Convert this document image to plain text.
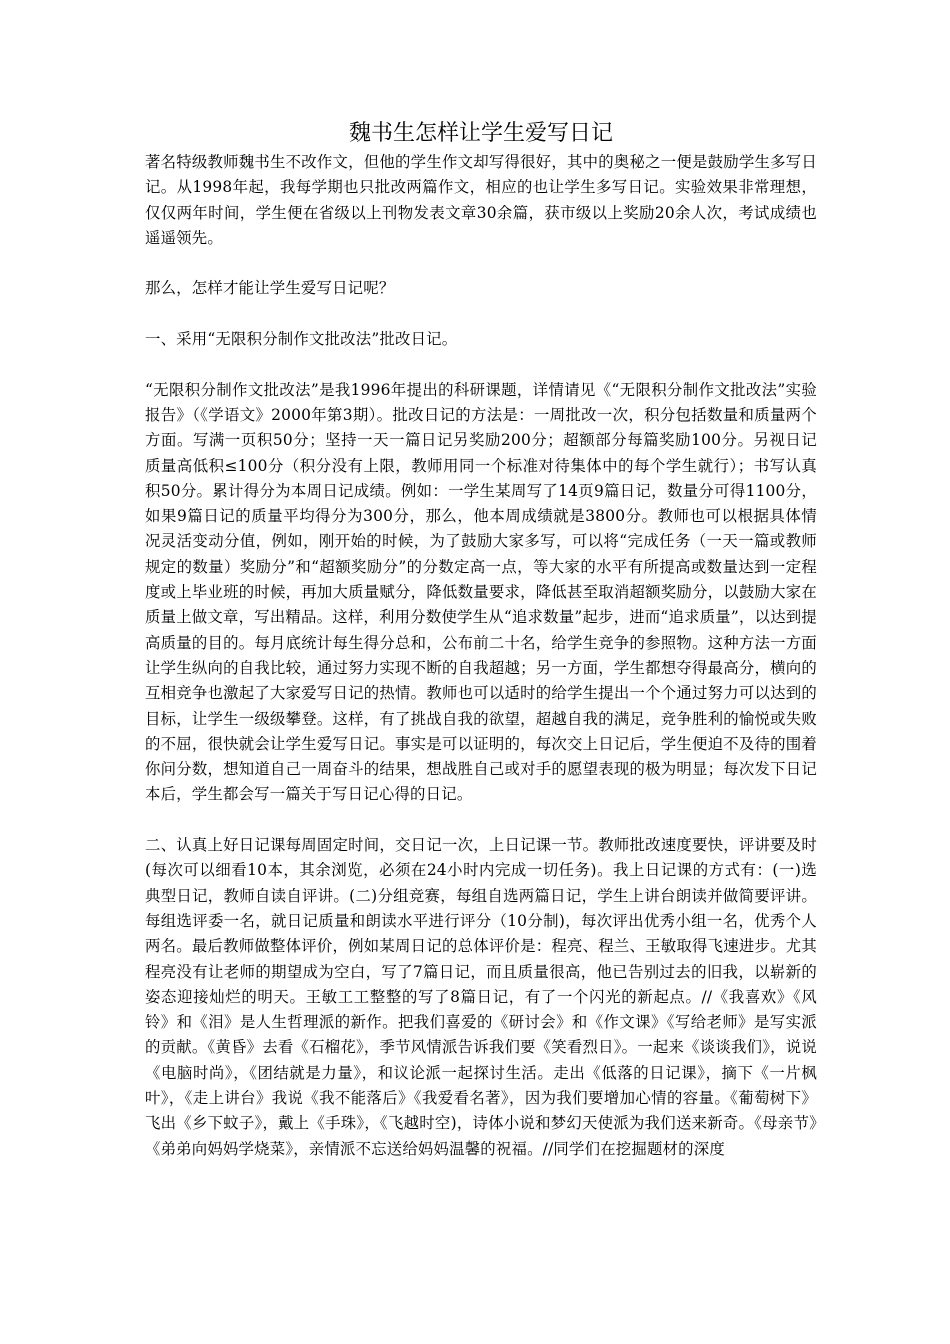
魏书生怎样让学生爱写日记

著名特级教师魏书生不改作文，但他的学生作文却写得很好，其中的奥秘之一便是鼓励学生多写日记。从1998年起，我每学期也只批改两篇作文，相应的也让学生多写日记。实验效果非常理想，仅仅两年时间，学生便在省级以上刊物发表文章30余篇，获市级以上奖励20余人次，考试成绩也遥遥领先。

那么，怎样才能让学生爱写日记呢？

一、采用“无限积分制作文批改法”批改日记。

“无限积分制作文批改法”是我1996年提出的科研课题，详情请见《“无限积分制作文批改法”实验报告》（《学语文》2000年第3期）。批改日记的方法是：一周批改一次，积分包括数量和质量两个方面。写满一页积50分；坚持一天一篇日记另奖励200分；超额部分每篇奖励100分。另视日记质量高低积≤100分（积分没有上限，教师用同一个标准对待集体中的每个学生就行）；书写认真积50分。累计得分为本周日记成绩。例如：一学生某周写了14页9篇日记，数量分可得1100分，如果9篇日记的质量平均得分为300分，那么，他本周成绩就是3800分。教师也可以根据具体情况灵活变动分值，例如，刚开始的时候，为了鼓励大家多写，可以将“完成任务（一天一篇或教师规定的数量）奖励分”和“超额奖励分”的分数定高一点，等大家的水平有所提高或数量达到一定程度或上毕业班的时候，再加大质量赋分，降低数量要求，降低甚至取消超额奖励分，以鼓励大家在质量上做文章，写出精品。这样，利用分数使学生从“追求数量”起步，进而“追求质量”，以达到提高质量的目的。每月底统计每生得分总和，公布前二十名，给学生竞争的参照物。这种方法一方面让学生纵向的自我比较，通过努力实现不断的自我超越；另一方面，学生都想夺得最高分，横向的互相竞争也激起了大家爱写日记的热情。教师也可以适时的给学生提出一个个通过努力可以达到的目标，让学生一级级攀登。这样，有了挑战自我的欲望，超越自我的满足，竞争胜利的愉悦或失败的不屈，很快就会让学生爱写日记。事实是可以证明的，每次交上日记后，学生便迫不及待的围着你问分数，想知道自己一周奋斗的结果，想战胜自己或对手的愿望表现的极为明显；每次发下日记本后，学生都会写一篇关于写日记心得的日记。

二、认真上好日记课每周固定时间，交日记一次，上日记课一节。教师批改速度要快，评讲要及时(每次可以细看10本，其余浏览，必须在24小时内完成一切任务)。我上日记课的方式有：(一)选典型日记，教师自读自评讲。(二)分组竞赛，每组自选两篇日记，学生上讲台朗读并做简要评讲。每组选评委一名，就日记质量和朗读水平进行评分（10分制)，每次评出优秀小组一名，优秀个人两名。最后教师做整体评价，例如某周日记的总体评价是：程亮、程兰、王敏取得飞速进步。尤其程亮没有让老师的期望成为空白，写了7篇日记，而且质量很高，他已告别过去的旧我，以崭新的姿态迎接灿烂的明天。王敏工工整整的写了8篇日记，有了一个闪光的新起点。//《我喜欢》《风铃》和《泪》是人生哲理派的新作。把我们喜爱的《研讨会》和《作文课》《写给老师》是写实派的贡献。《黄昏》去看《石榴花》，季节风情派告诉我们要《笑看烈日》。一起来《谈谈我们》，说说《电脑时尚》，《团结就是力量》，和议论派一起探讨生活。走出《低落的日记课》，摘下《一片枫叶》，《走上讲台》我说《我不能落后》《我爱看名著》，因为我们要增加心情的容量。《葡萄树下》飞出《乡下蚊子》，戴上《手珠》，《飞越时空)，诗体小说和梦幻天使派为我们送来新奇。《母亲节》《弟弟向妈妈学烧菜》，亲情派不忘送给妈妈温馨的祝福。//同学们在挖掘题材的深度
